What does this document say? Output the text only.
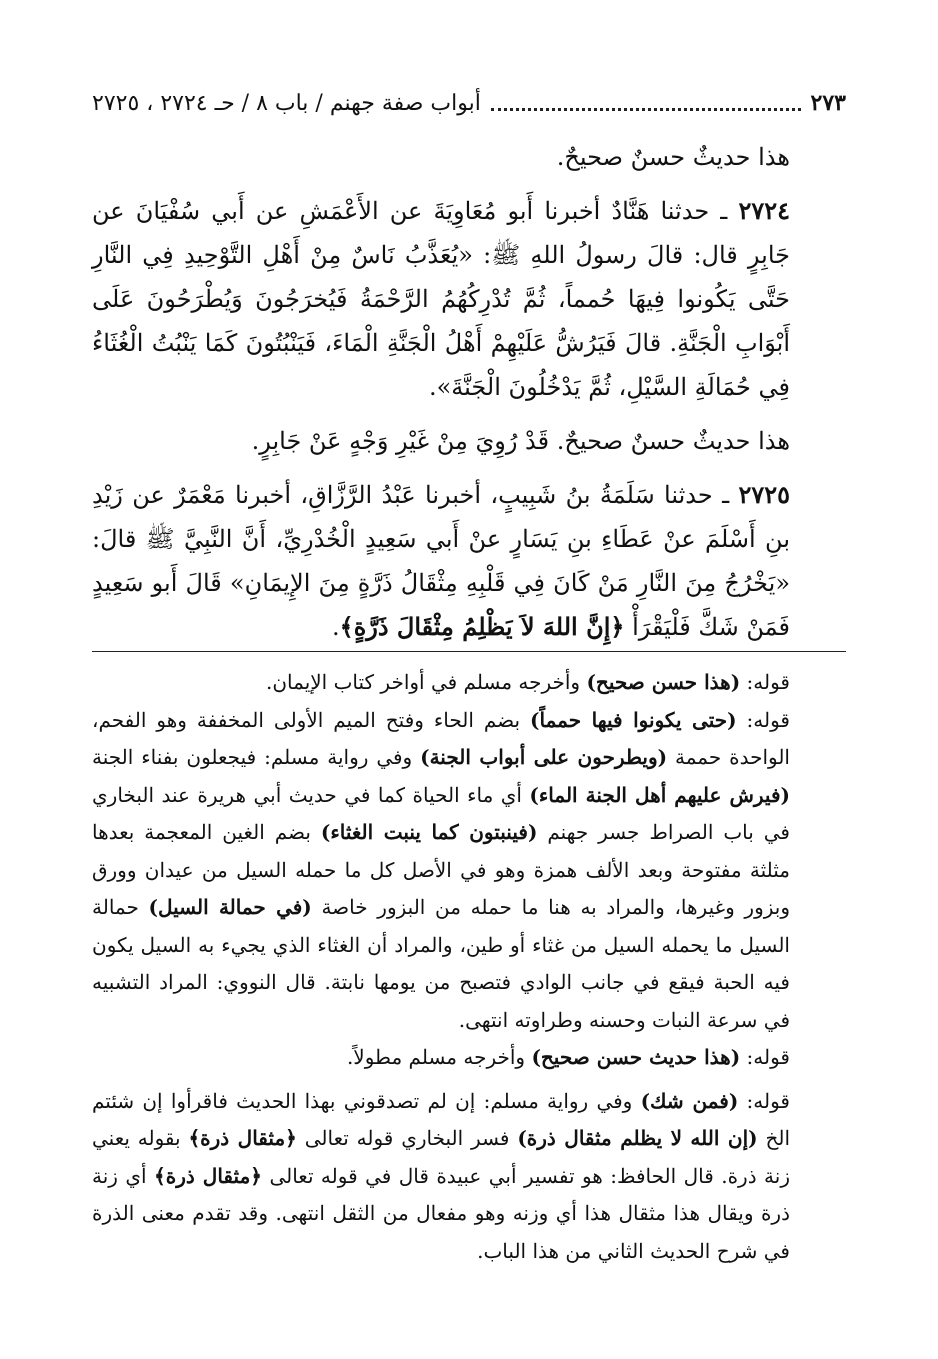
أبواب صفة جهنم / باب ٨ / حـ ٢٧٢٤ ، ٢٧٢٥	٢٧٣

هذا حديثٌ حسنٌ صحيحٌ.

٢٧٢٤ ـ حدثنا هَنَّادٌ أخبرنا أَبو مُعَاوِيَةَ عن الأَعْمَشِ عن أَبي سُفْيَانَ عن جَابِرٍ قال: قالَ رسولُ اللهِ ﷺ: «يُعَذَّبُ نَاسٌ مِنْ أَهْلِ التَّوْحِيدِ فِي النَّارِ حَتَّى يَكُونوا فِيهَا حُمماً، ثُمَّ تُدْرِكُهُمُ الرَّحْمَةُ فَيُخرَجُونَ وَيُطْرَحُونَ عَلَى أَبْوَابِ الْجَنَّةِ. قالَ فَيَرُشُّ عَلَيْهِمْ أَهْلُ الْجَنَّةِ الْمَاءَ، فَيَنْبُتُونَ كَمَا يَنْبُتُ الْغُثَاءُ فِي حُمَالَةِ السَّيْلِ، ثُمَّ يَدْخُلُونَ الْجَنَّةَ».

هذا حديثٌ حسنٌ صحيحٌ. قَدْ رُوِيَ مِنْ غَيْرِ وَجْهٍ عَنْ جَابِرٍ.

٢٧٢٥ ـ حدثنا سَلَمَةُ بنُ شَبِيبٍ، أخبرنا عَبْدُ الرَّزَّاقِ، أخبرنا مَعْمَرٌ عن زَيْدِ بنِ أَسْلَمَ عنْ عَطَاءِ بنِ يَسَارٍ عنْ أَبي سَعِيدٍ الْخُدْرِيِّ، أَنَّ النَّبِيَّ ﷺ قالَ: «يَخْرُجُ مِنَ النَّارِ مَنْ كَانَ فِي قَلْبِهِ مِثْقَالُ ذَرَّةٍ مِنَ الإِيمَانِ» قَالَ أَبو سَعِيدٍ فَمَنْ شَكَّ فَلْيَقْرَأْ ﴿إِنَّ اللهَ لاَ يَظْلِمُ مِثْقَالَ ذَرَّةٍ﴾.

قوله: (هذا حسن صحيح) وأخرجه مسلم في أواخر كتاب الإيمان.

قوله: (حتى يكونوا فيها حمماً) بضم الحاء وفتح الميم الأولى المخففة وهو الفحم، الواحدة حممة (ويطرحون على أبواب الجنة) وفي رواية مسلم: فيجعلون بفناء الجنة (فيرش عليهم أهل الجنة الماء) أي ماء الحياة كما في حديث أبي هريرة عند البخاري في باب الصراط جسر جهنم (فينبتون كما ينبت الغثاء) بضم الغين المعجمة بعدها مثلثة مفتوحة وبعد الألف همزة وهو في الأصل كل ما حمله السيل من عيدان وورق وبزور وغيرها، والمراد به هنا ما حمله من البزور خاصة (في حمالة السيل) حمالة السيل ما يحمله السيل من غثاء أو طين، والمراد أن الغثاء الذي يجيء به السيل يكون فيه الحبة فيقع في جانب الوادي فتصبح من يومها نابتة. قال النووي: المراد التشبيه في سرعة النبات وحسنه وطراوته انتهى.

قوله: (هذا حديث حسن صحيح) وأخرجه مسلم مطولاً.

قوله: (فمن شك) وفي رواية مسلم: إن لم تصدقوني بهذا الحديث فاقرأوا إن شئتم الخ (إن الله لا يظلم مثقال ذرة) فسر البخاري قوله تعالى ﴿مثقال ذرة﴾ بقوله يعني زنة ذرة. قال الحافظ: هو تفسير أبي عبيدة قال في قوله تعالى ﴿مثقال ذرة﴾ أي زنة ذرة ويقال هذا مثقال هذا أي وزنه وهو مفعال من الثقل انتهى. وقد تقدم معنى الذرة في شرح الحديث الثاني من هذا الباب.
